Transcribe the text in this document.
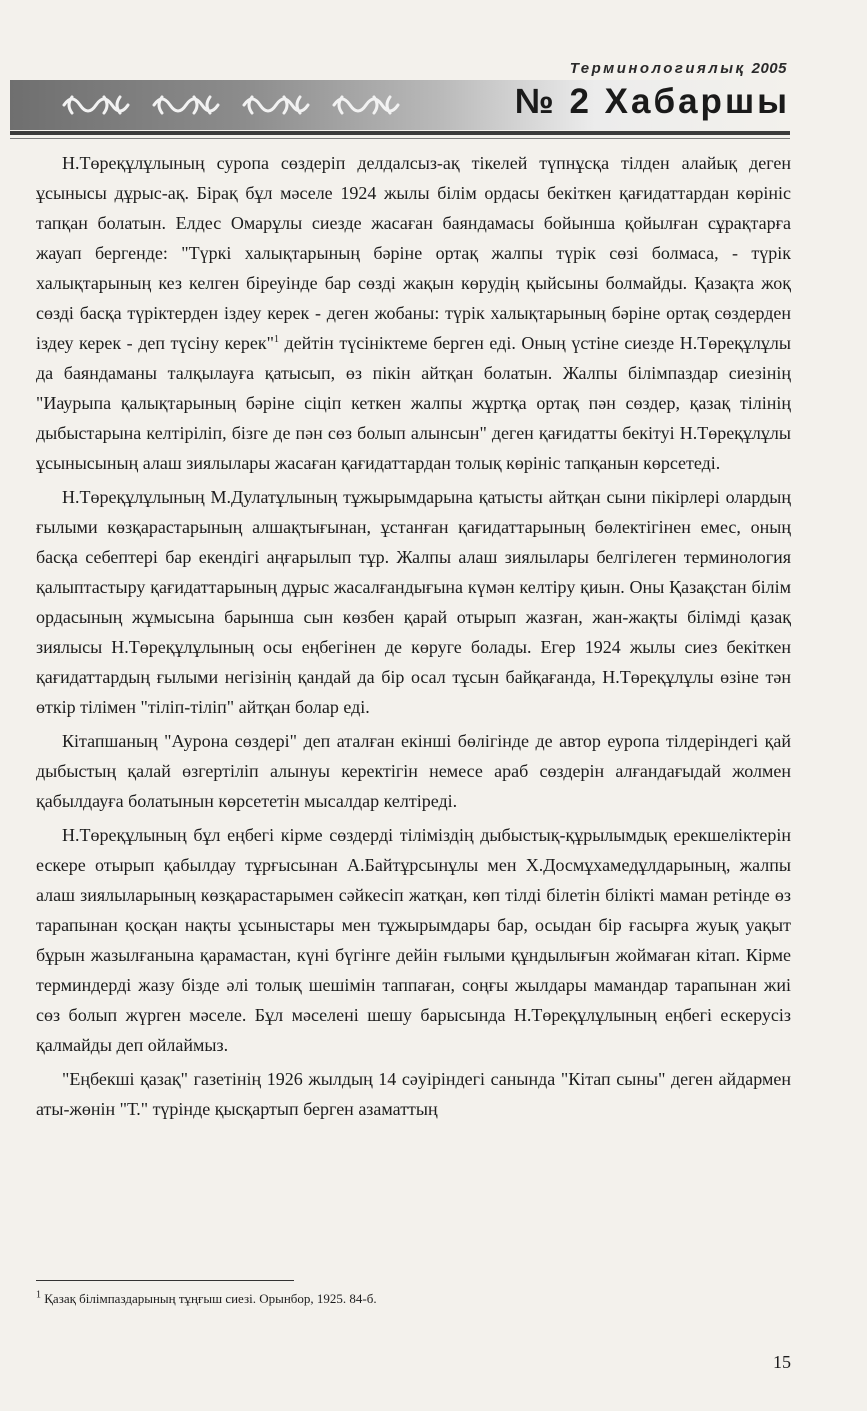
Терминологиялық 2005
№ 2 Хабаршы

Н.Төреқұлұлының суропа сөздеріп делдалсыз-ақ тікелей түпнұсқа тілден алайық деген ұсынысы дұрыс-ақ. Бірақ бұл мәселе 1924 жылы білім ордасы бекіткен қағидаттардан көрініс тапқан болатын. Елдес Омарұлы сиезде жасаған баяндамасы бойынша қойылған сұрақтарға жауап бергенде: "Түркі халықтарының бәріне ортақ жалпы түрік сөзі болмаса, - түрік халықтарының кез келген біреуінде бар сөзді жақын көрудің қыйсыны болмайды. Қазақта жоқ сөзді басқа түріктерден іздеу керек - деген жобаны: түрік халықтарының бәріне ортақ сөздерден іздеу керек - деп түсіну керек"$^1$ дейтін түсініктеме берген еді. Оның үстіне сиезде Н.Төреқұлұлы да баяндаманы талқылауға қатысып, өз пікін айтқан болатын. Жалпы білімпаздар сиезінің "Иаурыпа қалықтарының бәріне сіціп кеткен жалпы жұртқа ортақ пән сөздер, қазақ тілінің дыбыстарына келтіріліп, бізге де пән сөз болып алынсын" деген қағидатты бекітуі Н.Төреқұлұлы ұсынысының алаш зиялылары жасаған қағидаттардан толық көрініс тапқанын көрсетеді.

Н.Төреқұлұлының М.Дулатұлының тұжырымдарына қатысты айтқан сыни пікірлері олардың ғылыми көзқарастарының алшақтығынан, ұстанған қағидаттарының бөлектігінен емес, оның басқа себептері бар екендігі аңғарылып тұр. Жалпы алаш зиялылары белгілеген терминология қалыптастыру қағидаттарының дұрыс жасалғандығына күмән келтіру қиын. Оны Қазақстан білім ордасының жұмысына барынша сын көзбен қарай отырып жазған, жан-жақты білімді қазақ зиялысы Н.Төреқұлұлының осы еңбегінен де көруге болады. Егер 1924 жылы сиез бекіткен қағидаттардың ғылыми негізінің қандай да бір осал тұсын байқағанда, Н.Төреқұлұлы өзіне тән өткір тілімен "тіліп-тіліп" айтқан болар еді.

Кітапшаның "Аурона сөздері" деп аталған екінші бөлігінде де автор еуропа тілдеріндегі қай дыбыстың қалай өзгертіліп алынуы керектігін немесе араб сөздерін алғандағыдай жолмен қабылдауға болатынын көрсететін мысалдар келтіреді.

Н.Төреқұлының бұл еңбегі кірме сөздерді тіліміздің дыбыстық-құрылымдық ерекшеліктерін ескере отырып қабылдау тұрғысынан А.Байтұрсынұлы мен Х.Досмұхамедұлдарының, жалпы алаш зиялыларының көзқарастарымен сәйкесіп жатқан, көп тілді білетін білікті маман ретінде өз тарапынан қосқан нақты ұсыныстары мен тұжырымдары бар, осыдан бір ғасырға жуық уақыт бұрын жазылғанына қарамастан, күні бүгінге дейін ғылыми құндылығын жоймаған кітап. Кірме терминдерді жазу бізде әлі толық шешімін таппаған, соңғы жылдары мамандар тарапынан жиі сөз болып жүрген мәселе. Бұл мәселені шешу барысында Н.Төреқұлұлының еңбегі ескерусіз қалмайды деп ойлаймыз.

"Еңбекші қазақ" газетінің 1926 жылдың 14 сәуіріндегі санында "Кітап сыны" деген айдармен аты-жөнін "Т." түрінде қысқартып берген азаматтың

$^1$ Қазақ білімпаздарының тұңғыш сиезі. Орынбор, 1925. 84-б.

15
